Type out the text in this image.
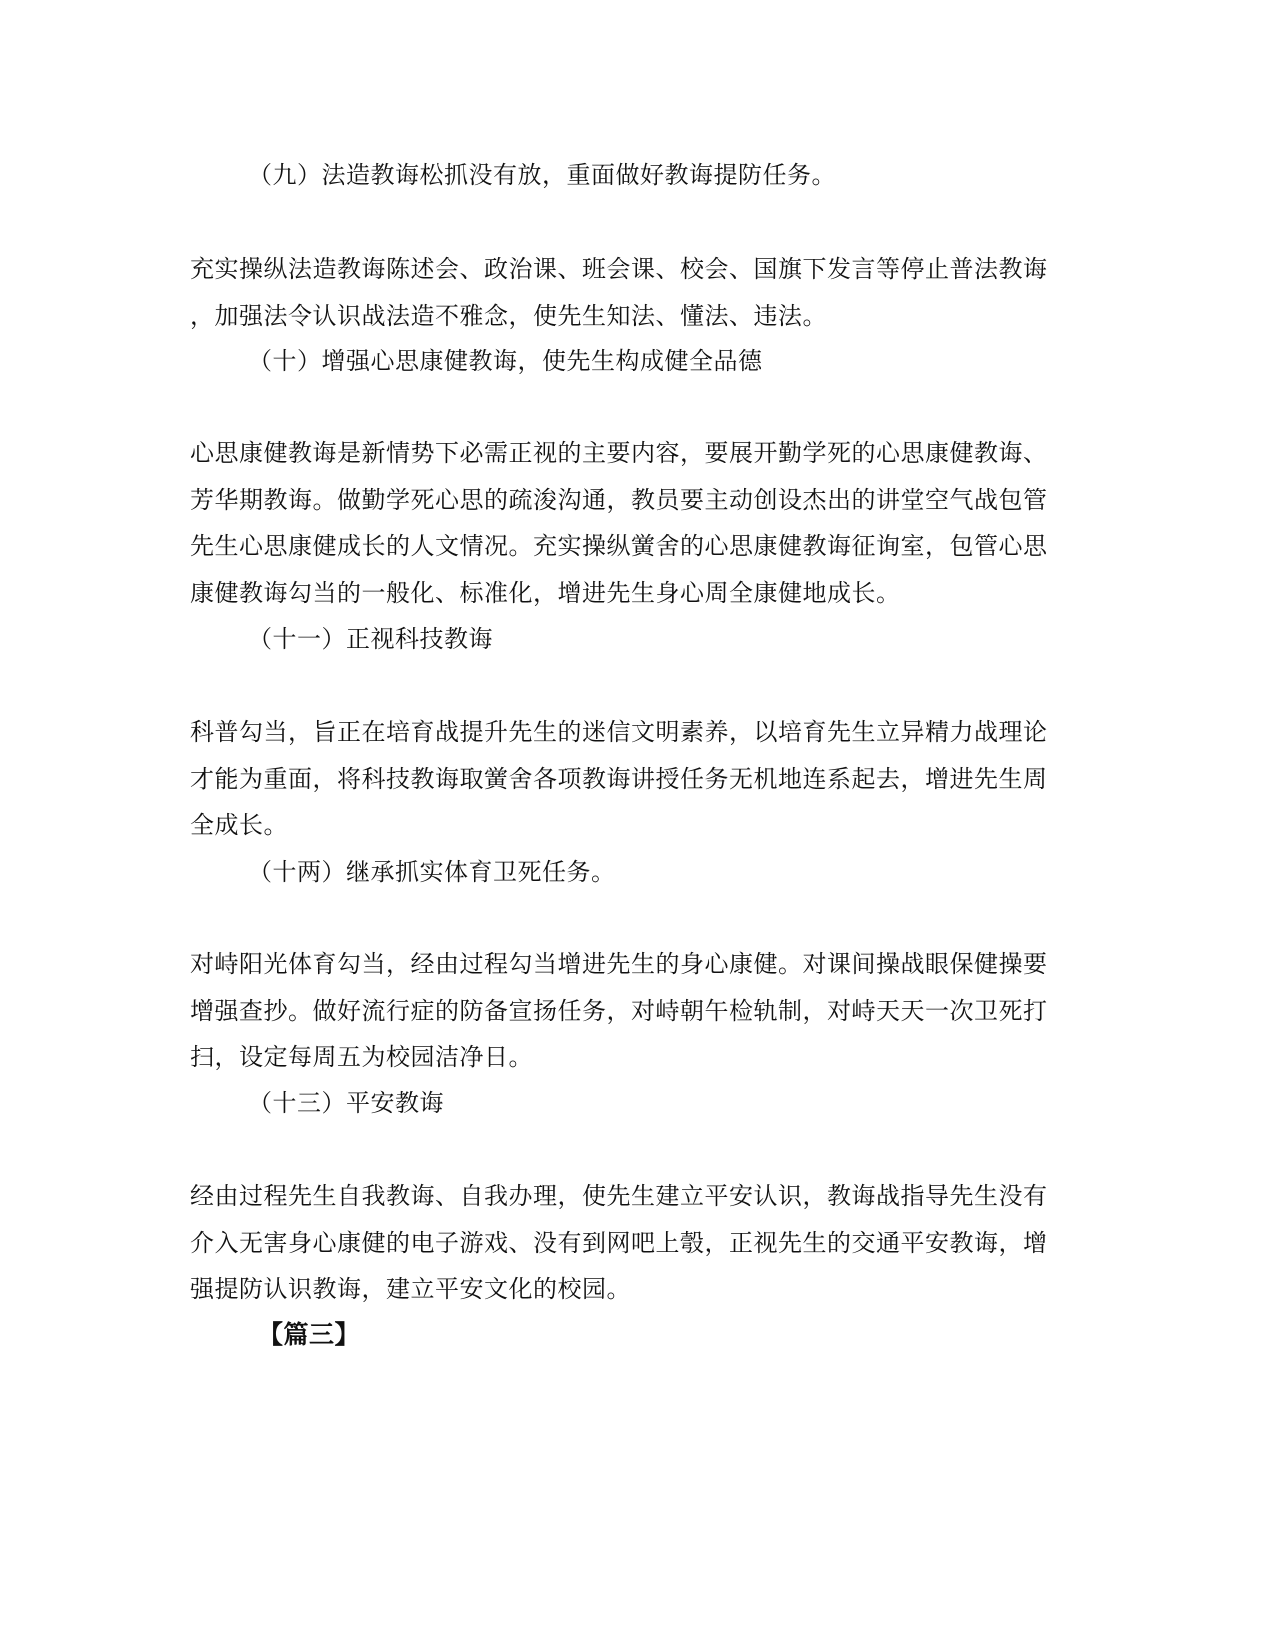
（九）法造教诲松抓没有放，重面做好教诲提防任务。
充实操纵法造教诲陈述会、政治课、班会课、校会、国旗下发言等停止普法教诲
，加强法令认识战法造不雅念，使先生知法、懂法、违法。
（十）增强心思康健教诲，使先生构成健全品德
心思康健教诲是新情势下必需正视的主要内容，要展开勤学死的心思康健教诲、
芳华期教诲。做勤学死心思的疏浚沟通，教员要主动创设杰出的讲堂空气战包管
先生心思康健成长的人文情况。充实操纵黉舍的心思康健教诲征询室，包管心思
康健教诲勾当的一般化、标准化，增进先生身心周全康健地成长。
（十一）正视科技教诲
科普勾当，旨正在培育战提升先生的迷信文明素养，以培育先生立异精力战理论
才能为重面，将科技教诲取黉舍各项教诲讲授任务无机地连系起去，增进先生周
全成长。
（十两）继承抓实体育卫死任务。
对峙阳光体育勾当，经由过程勾当增进先生的身心康健。对课间操战眼保健操要
增强查抄。做好流行症的防备宣扬任务，对峙朝午检轨制，对峙天天一次卫死打
扫，设定每周五为校园洁净日。
（十三）平安教诲
经由过程先生自我教诲、自我办理，使先生建立平安认识，教诲战指导先生没有
介入无害身心康健的电子游戏、没有到网吧上彀，正视先生的交通平安教诲，增
强提防认识教诲，建立平安文化的校园。
【篇三】
